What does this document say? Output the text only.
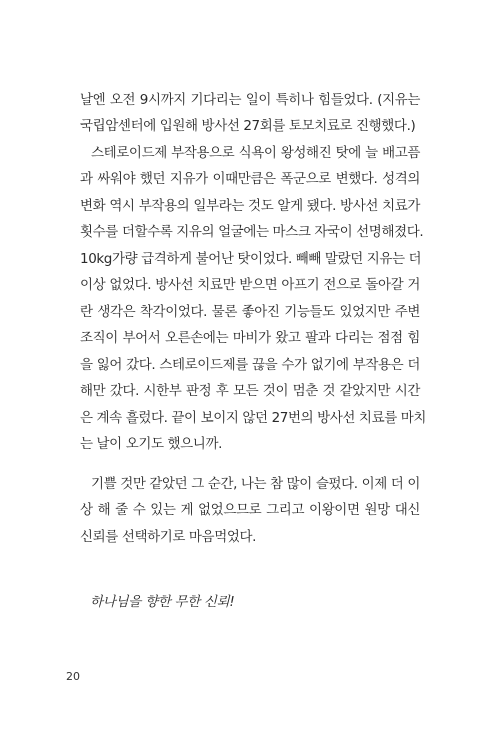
날엔 오전 9시까지 기다리는 일이 특히나 힘들었다. (지유는
국립암센터에 입원해 방사선 27회를 토모치료로 진행했다.)
스테로이드제 부작용으로 식욕이 왕성해진 탓에 늘 배고픔
과 싸워야 했던 지유가 이때만큼은 폭군으로 변했다. 성격의
변화 역시 부작용의 일부라는 것도 알게 됐다. 방사선 치료가
횟수를 더할수록 지유의 얼굴에는 마스크 자국이 선명해졌다.
10kg가량 급격하게 불어난 탓이었다. 빼빼 말랐던 지유는 더
이상 없었다. 방사선 치료만 받으면 아프기 전으로 돌아갈 거
란 생각은 착각이었다. 물론 좋아진 기능들도 있었지만 주변
조직이 부어서 오른손에는 마비가 왔고 팔과 다리는 점점 힘
을 잃어 갔다. 스테로이드제를 끊을 수가 없기에 부작용은 더
해만 갔다. 시한부 판정 후 모든 것이 멈춘 것 같았지만 시간
은 계속 흘렀다. 끝이 보이지 않던 27번의 방사선 치료를 마치
는 날이 오기도 했으니까.
기쁠 것만 같았던 그 순간, 나는 참 많이 슬펐다. 이제 더 이
상 해 줄 수 있는 게 없었으므로 그리고 이왕이면 원망 대신
신뢰를 선택하기로 마음먹었다.
하나님을 향한 무한 신뢰!
20
